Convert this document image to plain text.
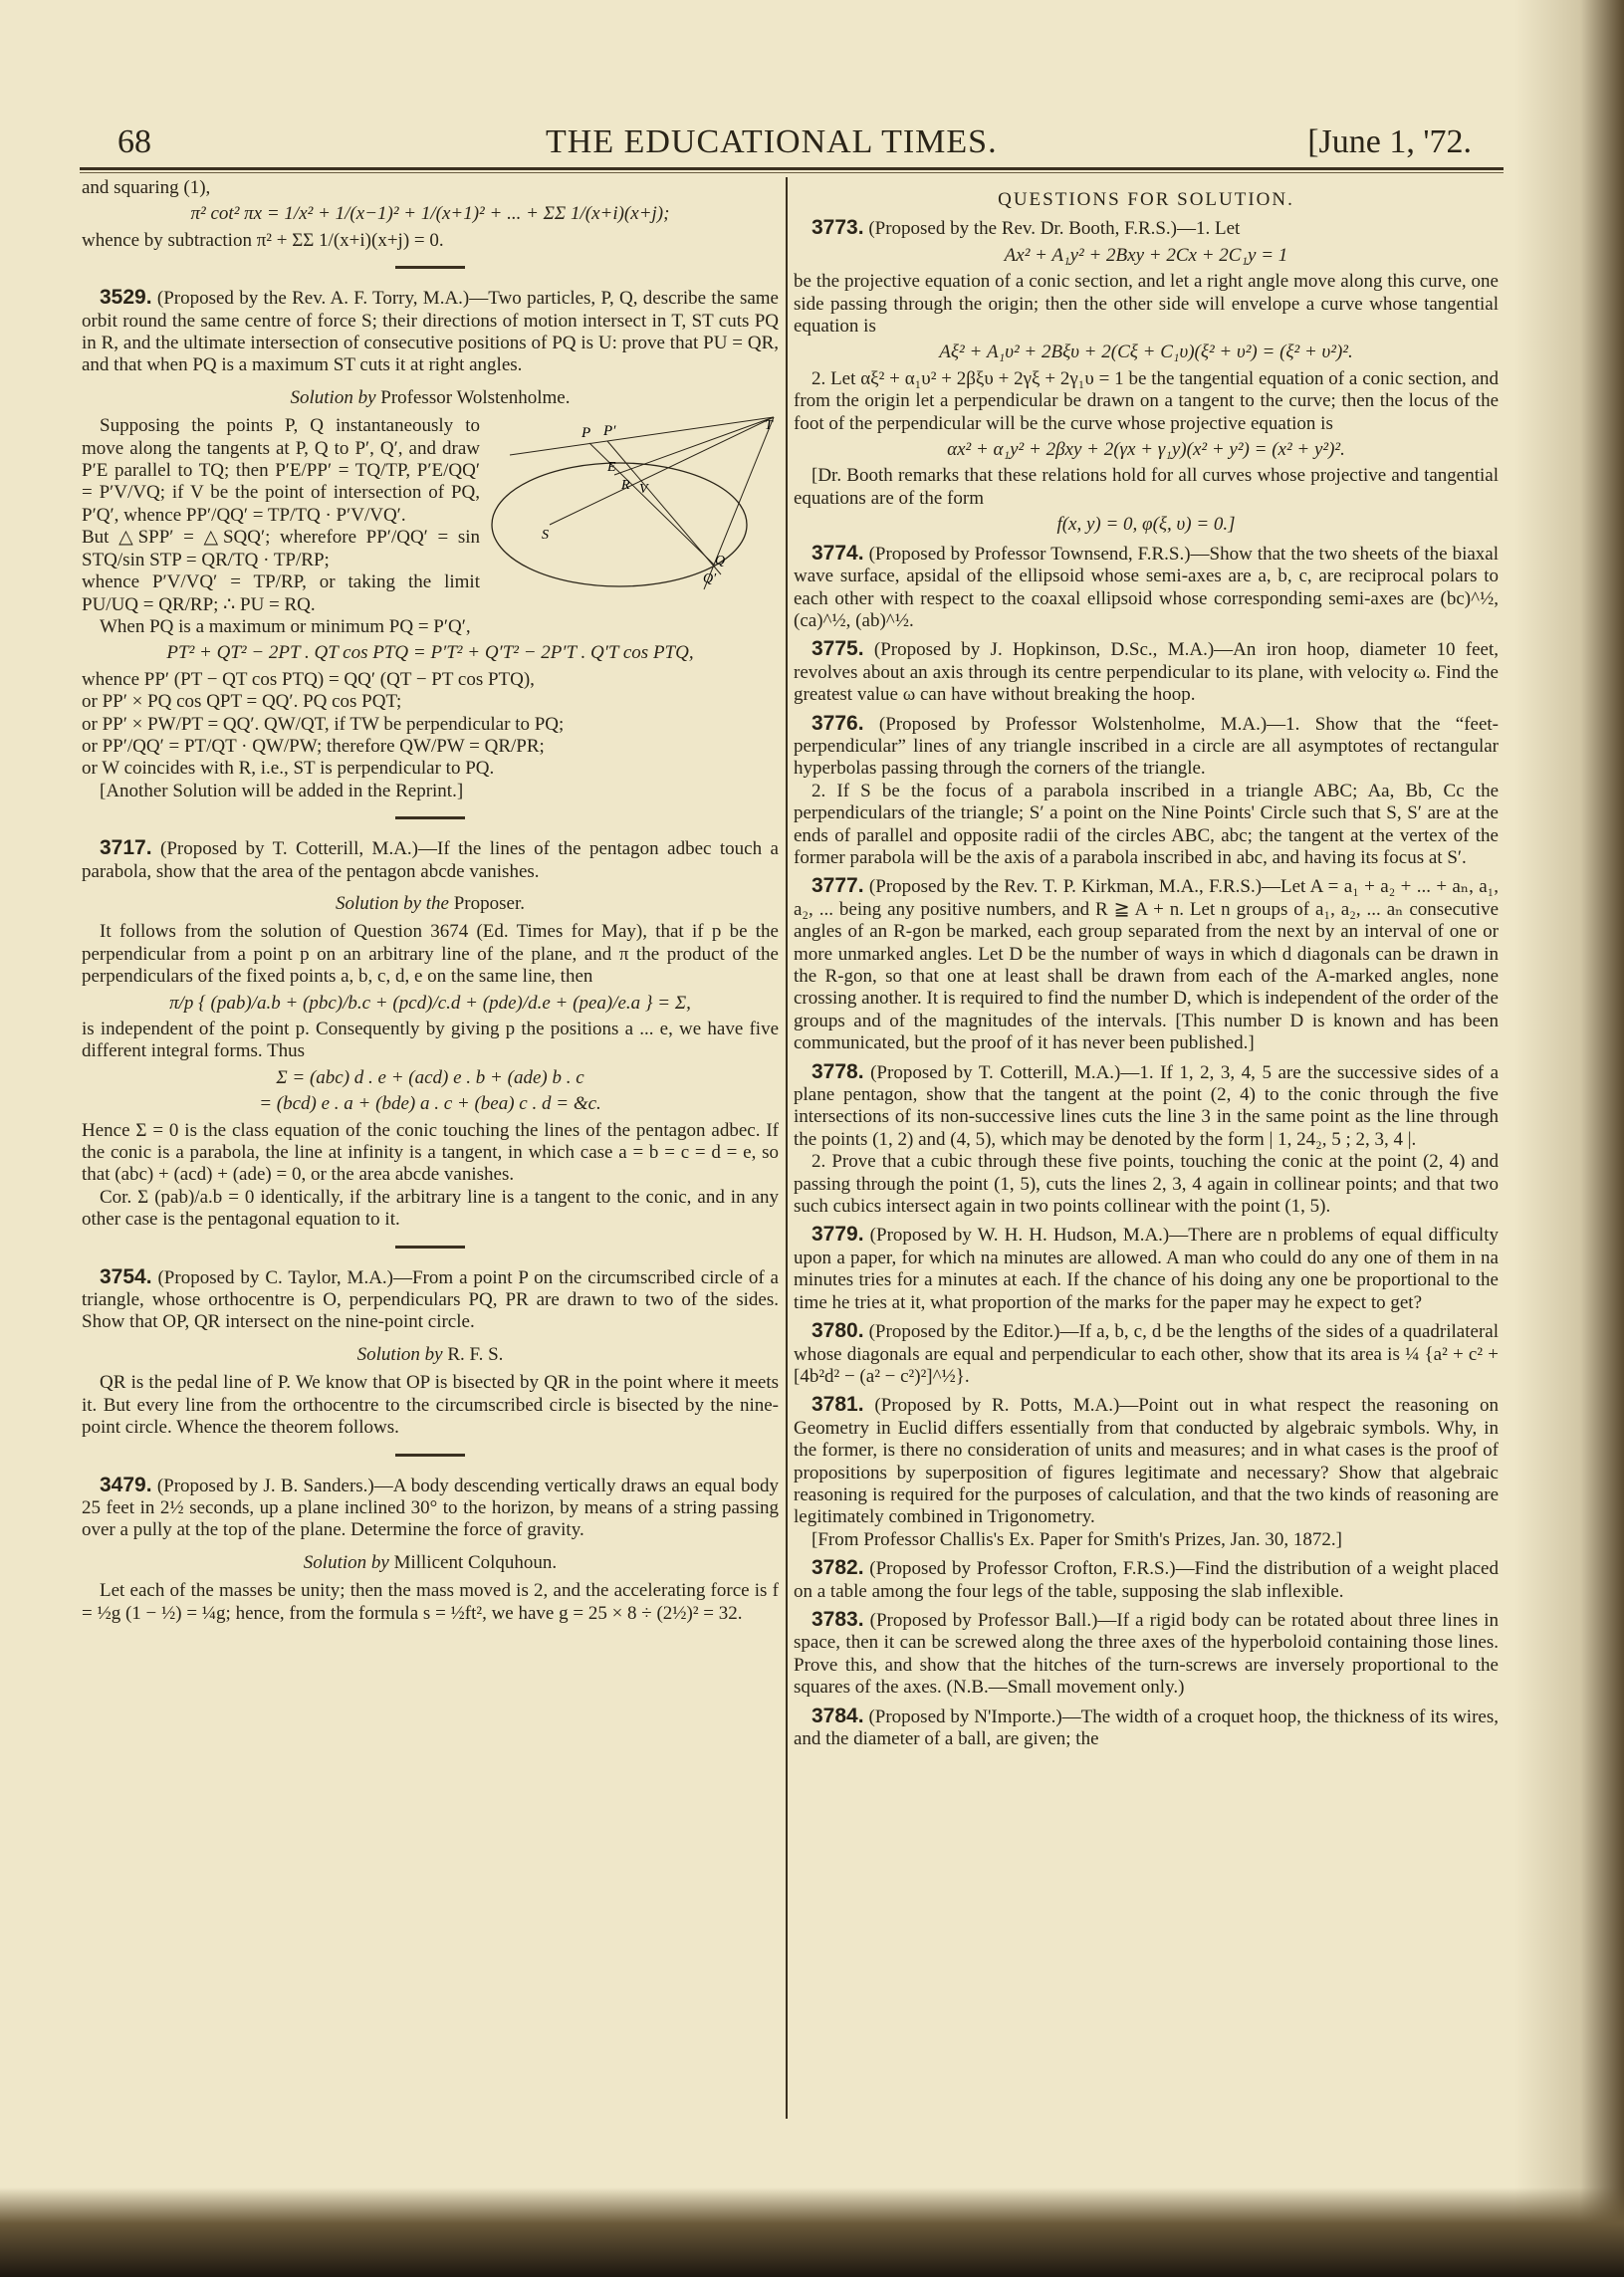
68	THE EDUCATIONAL TIMES.	[June 1, '72.

and squaring (1),

π² cot² πx = 1/x² + 1/(x−1)² + 1/(x+1)² + ... + ΣΣ 1/(x+i)(x+j);

whence by subtraction π² + ΣΣ 1/(x+i)(x+j) = 0.

3529. (Proposed by the Rev. A. F. Torry, M.A.)—Two particles, P, Q, describe the same orbit round the same centre of force S; their directions of motion intersect in T, ST cuts PQ in R, and the ultimate intersection of consecutive positions of PQ is U: prove that PU = QR, and that when PQ is a maximum ST cuts it at right angles.

Solution by Professor Wolstenholme.

P P′	T
E
R V
S
Q
Q′

Supposing the points P, Q instantaneously to move along the tangents at P, Q to P′, Q′, and draw P′E parallel to TQ; then P′E/PP′ = TQ/TP, P′E/QQ′ = P′V/VQ; if V be the point of intersection of PQ, P′Q′, whence PP′/QQ′ = TP/TQ · P′V/VQ′.

But △SPP′ = △SQQ′; wherefore PP′/QQ′ = sin STQ/sin STP = QR/TQ · TP/RP;

whence P′V/VQ′ = TP/RP, or taking the limit PU/UQ = QR/RP; ∴ PU = RQ.

When PQ is a maximum or minimum PQ = P′Q′,

PT² + QT² − 2PT . QT cos PTQ = P′T² + Q′T² − 2P′T . Q′T cos PTQ,

whence PP′ (PT − QT cos PTQ) = QQ′ (QT − PT cos PTQ),

or PP′ × PQ cos QPT = QQ′. PQ cos PQT;

or PP′ × PW/PT = QQ′. QW/QT, if TW be perpendicular to PQ;

or PP′/QQ′ = PT/QT · QW/PW; therefore QW/PW = QR/PR;

or W coincides with R, i.e., ST is perpendicular to PQ.

[Another Solution will be added in the Reprint.]

3717. (Proposed by T. Cotterill, M.A.)—If the lines of the pentagon adbec touch a parabola, show that the area of the pentagon abcde vanishes.

Solution by the Proposer.

It follows from the solution of Question 3674 (Ed. Times for May), that if p be the perpendicular from a point p on an arbitrary line of the plane, and π the product of the perpendiculars of the fixed points a, b, c, d, e on the same line, then

π/p { (pab)/a.b + (pbc)/b.c + (pcd)/c.d + (pde)/d.e + (pea)/e.a } = Σ,

is independent of the point p. Consequently by giving p the positions a ... e, we have five different integral forms. Thus

Σ = (abc) d . e + (acd) e . b + (ade) b . c

= (bcd) e . a + (bde) a . c + (bea) c . d = &c.

Hence Σ = 0 is the class equation of the conic touching the lines of the pentagon adbec. If the conic is a parabola, the line at infinity is a tangent, in which case a = b = c = d = e, so that (abc) + (acd) + (ade) = 0, or the area abcde vanishes.

Cor. Σ (pab)/a.b = 0 identically, if the arbitrary line is a tangent to the conic, and in any other case is the pentagonal equation to it.

3754. (Proposed by C. Taylor, M.A.)—From a point P on the circumscribed circle of a triangle, whose orthocentre is O, perpendiculars PQ, PR are drawn to two of the sides. Show that OP, QR intersect on the nine-point circle.

Solution by R. F. S.

QR is the pedal line of P. We know that OP is bisected by QR in the point where it meets it. But every line from the orthocentre to the circumscribed circle is bisected by the nine-point circle. Whence the theorem follows.

3479. (Proposed by J. B. Sanders.)—A body descending vertically draws an equal body 25 feet in 2½ seconds, up a plane inclined 30° to the horizon, by means of a string passing over a pully at the top of the plane. Determine the force of gravity.

Solution by Millicent Colquhoun.

Let each of the masses be unity; then the mass moved is 2, and the accelerating force is f = ½g (1 − ½) = ¼g; hence, from the formula s = ½ft², we have g = 25 × 8 ÷ (2½)² = 32.

QUESTIONS FOR SOLUTION.

3773. (Proposed by the Rev. Dr. Booth, F.R.S.)—1. Let

Ax² + A₁y² + 2Bxy + 2Cx + 2C₁y = 1

be the projective equation of a conic section, and let a right angle move along this curve, one side passing through the origin; then the other side will envelope a curve whose tangential equation is

Aξ² + A₁υ² + 2Bξυ + 2(Cξ + C₁υ)(ξ² + υ²) = (ξ² + υ²)².

2. Let αξ² + α₁υ² + 2βξυ + 2γξ + 2γ₁υ = 1 be the tangential equation of a conic section, and from the origin let a perpendicular be drawn on a tangent to the curve; then the locus of the foot of the perpendicular will be the curve whose projective equation is

αx² + α₁y² + 2βxy + 2(γx + γ₁y)(x² + y²) = (x² + y²)².

[Dr. Booth remarks that these relations hold for all curves whose projective and tangential equations are of the form

f(x, y) = 0, φ(ξ, υ) = 0.]

3774. (Proposed by Professor Townsend, F.R.S.)—Show that the two sheets of the biaxal wave surface, apsidal of the ellipsoid whose semi-axes are a, b, c, are reciprocal polars to each other with respect to the coaxal ellipsoid whose corresponding semi-axes are (bc)^½, (ca)^½, (ab)^½.

3775. (Proposed by J. Hopkinson, D.Sc., M.A.)—An iron hoop, diameter 10 feet, revolves about an axis through its centre perpendicular to its plane, with velocity ω. Find the greatest value ω can have without breaking the hoop.

3776. (Proposed by Professor Wolstenholme, M.A.)—1. Show that the “feet-perpendicular” lines of any triangle inscribed in a circle are all asymptotes of rectangular hyperbolas passing through the corners of the triangle.

2. If S be the focus of a parabola inscribed in a triangle ABC; Aa, Bb, Cc the perpendiculars of the triangle; S′ a point on the Nine Points' Circle such that S, S′ are at the ends of parallel and opposite radii of the circles ABC, abc; the tangent at the vertex of the former parabola will be the axis of a parabola inscribed in abc, and having its focus at S′.

3777. (Proposed by the Rev. T. P. Kirkman, M.A., F.R.S.)—Let A = a₁ + a₂ + ... + aₙ, a₁, a₂, ... being any positive numbers, and R ≧ A + n. Let n groups of a₁, a₂, ... aₙ consecutive angles of an R-gon be marked, each group separated from the next by an interval of one or more unmarked angles. Let D be the number of ways in which d diagonals can be drawn in the R-gon, so that one at least shall be drawn from each of the A-marked angles, none crossing another. It is required to find the number D, which is independent of the order of the groups and of the magnitudes of the intervals. [This number D is known and has been communicated, but the proof of it has never been published.]

3778. (Proposed by T. Cotterill, M.A.)—1. If 1, 2, 3, 4, 5 are the successive sides of a plane pentagon, show that the tangent at the point (2, 4) to the conic through the five intersections of its non-successive lines cuts the line 3 in the same point as the line through the points (1, 2) and (4, 5), which may be denoted by the form | 1, 24₂, 5 ; 2, 3, 4 |.

2. Prove that a cubic through these five points, touching the conic at the point (2, 4) and passing through the point (1, 5), cuts the lines 2, 3, 4 again in collinear points; and that two such cubics intersect again in two points collinear with the point (1, 5).

3779. (Proposed by W. H. H. Hudson, M.A.)—There are n problems of equal difficulty upon a paper, for which na minutes are allowed. A man who could do any one of them in na minutes tries for a minutes at each. If the chance of his doing any one be proportional to the time he tries at it, what proportion of the marks for the paper may he expect to get?

3780. (Proposed by the Editor.)—If a, b, c, d be the lengths of the sides of a quadrilateral whose diagonals are equal and perpendicular to each other, show that its area is ¼ {a² + c² + [4b²d² − (a² − c²)²]^½}.

3781. (Proposed by R. Potts, M.A.)—Point out in what respect the reasoning on Geometry in Euclid differs essentially from that conducted by algebraic symbols. Why, in the former, is there no consideration of units and measures; and in what cases is the proof of propositions by superposition of figures legitimate and necessary? Show that algebraic reasoning is required for the purposes of calculation, and that the two kinds of reasoning are legitimately combined in Trigonometry.

[From Professor Challis's Ex. Paper for Smith's Prizes, Jan. 30, 1872.]

3782. (Proposed by Professor Crofton, F.R.S.)—Find the distribution of a weight placed on a table among the four legs of the table, supposing the slab inflexible.

3783. (Proposed by Professor Ball.)—If a rigid body can be rotated about three lines in space, then it can be screwed along the three axes of the hyperboloid containing those lines. Prove this, and show that the hitches of the turn-screws are inversely proportional to the squares of the axes. (N.B.—Small movement only.)

3784. (Proposed by N'Importe.)—The width of a croquet hoop, the thickness of its wires, and the diameter of a ball, are given; the
